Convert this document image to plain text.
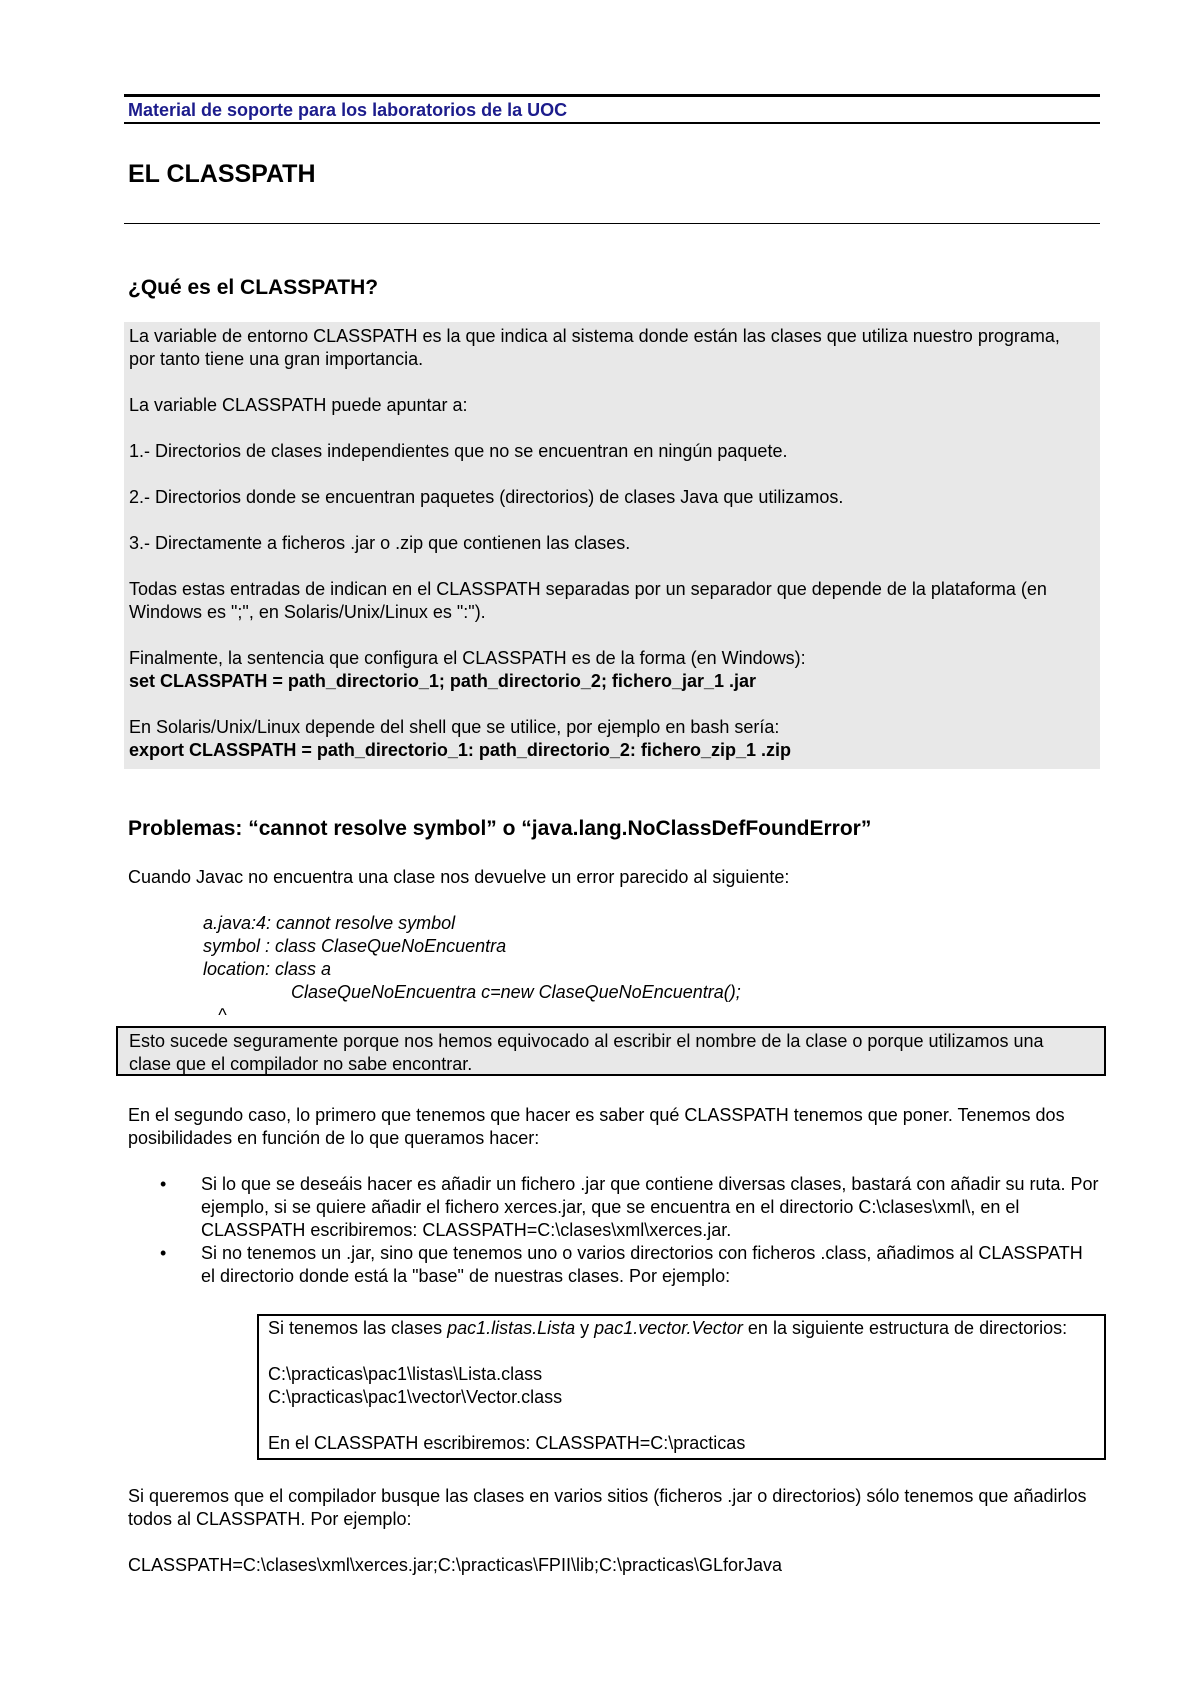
Material de soporte para los laboratorios de la UOC
EL CLASSPATH
¿Qué es el CLASSPATH?
La variable de entorno CLASSPATH es la que indica al sistema donde están las clases que utiliza nuestro programa, por tanto tiene una gran importancia.
La variable CLASSPATH puede apuntar a:
1.- Directorios de clases independientes que no se encuentran en ningún paquete.
2.- Directorios donde se encuentran paquetes (directorios) de clases Java que utilizamos.
3.- Directamente a ficheros .jar o .zip que contienen las clases.
Todas estas entradas de indican en el CLASSPATH separadas por un separador que depende de la plataforma (en Windows es ";", en Solaris/Unix/Linux es ":").
Finalmente, la sentencia que configura el CLASSPATH es de la forma (en Windows):
set CLASSPATH = path_directorio_1; path_directorio_2; fichero_jar_1 .jar
En Solaris/Unix/Linux depende del shell que se utilice, por ejemplo en bash sería:
export CLASSPATH = path_directorio_1: path_directorio_2: fichero_zip_1 .zip
Problemas: “cannot resolve symbol” o “java.lang.NoClassDefFoundError”
Cuando Javac no encuentra una clase nos devuelve un error parecido al siguiente:
a.java:4: cannot resolve symbol
symbol : class ClaseQueNoEncuentra
location: class a
ClaseQueNoEncuentra c=new ClaseQueNoEncuentra();
^
Esto sucede seguramente porque nos hemos equivocado al escribir el nombre de la clase o porque utilizamos una clase que el compilador no sabe encontrar.
En el segundo caso, lo primero que tenemos que hacer es saber qué CLASSPATH tenemos que poner. Tenemos dos posibilidades en función de lo que queramos hacer:
• Si lo que se deseáis hacer es añadir un fichero .jar que contiene diversas clases, bastará con añadir su ruta. Por ejemplo, si se quiere añadir el fichero xerces.jar, que se encuentra en el directorio C:\clases\xml\, en el CLASSPATH escribiremos: CLASSPATH=C:\clases\xml\xerces.jar.
• Si no tenemos un .jar, sino que tenemos uno o varios directorios con ficheros .class, añadimos al CLASSPATH el directorio donde está la "base" de nuestras clases. Por ejemplo:
Si tenemos las clases pac1.listas.Lista y pac1.vector.Vector en la siguiente estructura de directorios:
C:\practicas\pac1\listas\Lista.class
C:\practicas\pac1\vector\Vector.class
En el CLASSPATH escribiremos: CLASSPATH=C:\practicas
Si queremos que el compilador busque las clases en varios sitios (ficheros .jar o directorios) sólo tenemos que añadirlos todos al CLASSPATH. Por ejemplo:
CLASSPATH=C:\clases\xml\xerces.jar;C:\practicas\FPII\lib;C:\practicas\GLforJava
